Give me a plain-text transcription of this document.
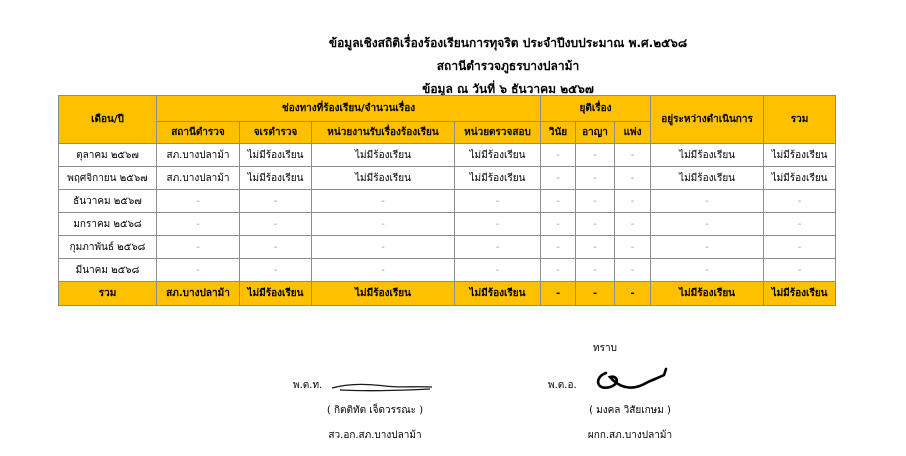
ข้อมูลเชิงสถิติเรื่องร้องเรียนการทุจริต ประจำปีงบประมาณ พ.ศ.๒๕๖๘
สถานีตำรวจภูธรบางปลาม้า
ข้อมูล ณ วันที่ ๖ ธันวาคม ๒๕๖๗
เดือน/ปี	ช่องทางที่ร้องเรียน/จำนวนเรื่อง				ยุติเรื่อง			อยู่ระหว่างดำเนินการ	รวม
	สถานีตำรวจ	จเรตำรวจ	หน่วยงานรับเรื่องร้องเรียน	หน่วยตรวจสอบ	วินัย	อาญา	แพ่ง		
ตุลาคม ๒๕๖๗	สภ.บางปลาม้า	ไม่มีร้องเรียน	ไม่มีร้องเรียน	ไม่มีร้องเรียน	-	-	-	ไม่มีร้องเรียน	ไม่มีร้องเรียน
พฤศจิกายน ๒๕๖๗	สภ.บางปลาม้า	ไม่มีร้องเรียน	ไม่มีร้องเรียน	ไม่มีร้องเรียน	-	-	-	ไม่มีร้องเรียน	ไม่มีร้องเรียน
ธันวาคม ๒๕๖๗	-	-	-	-	-	-	-	-	-
มกราคม ๒๕๖๘	-	-	-	-	-	-	-	-	-
กุมภาพันธ์ ๒๕๖๘	-	-	-	-	-	-	-	-	-
มีนาคม ๒๕๖๘	-	-	-	-	-	-	-	-	-
รวม	สภ.บางปลาม้า	ไม่มีร้องเรียน	ไม่มีร้องเรียน	ไม่มีร้องเรียน	-	-	-	ไม่มีร้องเรียน	ไม่มีร้องเรียน
ทราบ
พ.ต.ท.
( กิตติทัต เจ็ดวรรณะ )
สว.อก.สภ.บางปลาม้า
พ.ต.อ.
( มงคล วิสัยเกษม )
ผกก.สภ.บางปลาม้า
